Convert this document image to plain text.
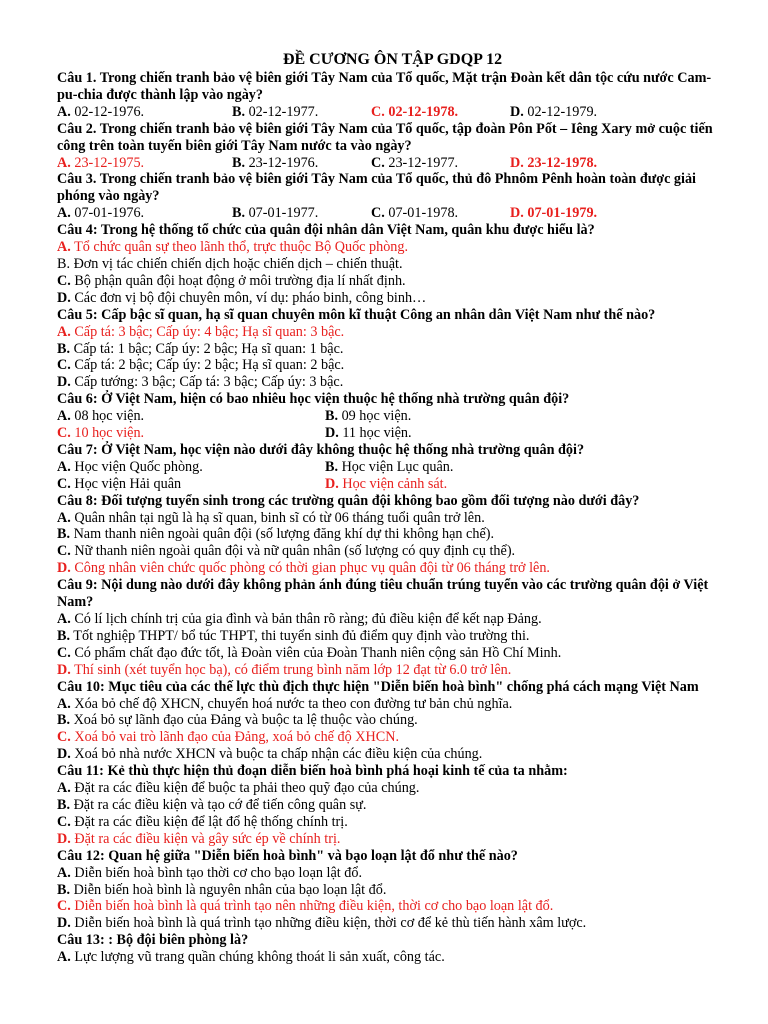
ĐỀ CƯƠNG ÔN TẬP GDQP 12

Câu 1. Trong chiến tranh bảo vệ biên giới Tây Nam của Tổ quốc, Mặt trận Đoàn kết dân tộc cứu nước Cam-pu-chia được thành lập vào ngày?

A. 02-12-1976.	B. 02-12-1977.	C. 02-12-1978.	D. 02-12-1979.

Câu 2. Trong chiến tranh bảo vệ biên giới Tây Nam của Tổ quốc, tập đoàn Pôn Pốt – Iêng Xary mở cuộc tiến công trên toàn tuyến biên giới Tây Nam nước ta vào ngày?

A. 23-12-1975.	B. 23-12-1976.	C. 23-12-1977.	D. 23-12-1978.

Câu 3. Trong chiến tranh bảo vệ biên giới Tây Nam của Tổ quốc, thủ đô Phnôm Pênh hoàn toàn được giải phóng vào ngày?

A. 07-01-1976.	B. 07-01-1977.	C. 07-01-1978.	D. 07-01-1979.

Câu 4: Trong hệ thống tổ chức của quân đội nhân dân Việt Nam, quân khu được hiểu là?

A. Tổ chức quân sự theo lãnh thổ, trực thuộc Bộ Quốc phòng.

B. Đơn vị tác chiến chiến dịch hoặc chiến dịch – chiến thuật.

C. Bộ phận quân đội hoạt động ở môi trường địa lí nhất định.

D. Các đơn vị bộ đội chuyên môn, ví dụ: pháo binh, công binh…

Câu 5: Cấp bậc sĩ quan, hạ sĩ quan chuyên môn kĩ thuật Công an nhân dân Việt Nam như thế nào?

A. Cấp tá: 3 bậc; Cấp úy: 4 bậc; Hạ sĩ quan: 3 bậc.

B. Cấp tá: 1 bậc; Cấp úy: 2 bậc; Hạ sĩ quan: 1 bậc.

C. Cấp tá: 2 bậc; Cấp úy: 2 bậc; Hạ sĩ quan: 2 bậc.

D. Cấp tướng: 3 bậc; Cấp tá: 3 bậc; Cấp úy: 3 bậc.

Câu 6: Ở Việt Nam, hiện có bao nhiêu học viện thuộc hệ thống nhà trường quân đội?

A. 08 học viện.	B. 09 học viện.
C. 10 học viện.	D. 11 học viện.

Câu 7: Ở Việt Nam, học viện nào dưới đây không thuộc hệ thống nhà trường quân đội?

A. Học viện Quốc phòng.	B. Học viện Lục quân.
C. Học viện Hải quân	D. Học viện cảnh sát.

Câu 8: Đối tượng tuyển sinh trong các trường quân đội không bao gồm đối tượng nào dưới đây?

A. Quân nhân tại ngũ là hạ sĩ quan, binh sĩ có từ 06 tháng tuổi quân trở lên.

B. Nam thanh niên ngoài quân đội (số lượng đăng khí dự thi không hạn chế).

C. Nữ thanh niên ngoài quân đội và nữ quân nhân (số lượng có quy định cụ thể).

D. Công nhân viên chức quốc phòng có thời gian phục vụ quân đội từ 06 tháng trở lên.

Câu 9: Nội dung nào dưới đây không phản ánh đúng tiêu chuẩn trúng tuyển vào các trường quân đội ở Việt Nam?

A. Có lí lịch chính trị của gia đình và bản thân rõ ràng; đủ điều kiện để kết nạp Đảng.

B. Tốt nghiệp THPT/ bổ túc THPT, thi tuyển sinh đủ điểm quy định vào trường thi.

C. Có phẩm chất đạo đức tốt, là Đoàn viên của Đoàn Thanh niên cộng sản Hồ Chí Minh.

D. Thí sinh (xét tuyển học bạ), có điểm trung bình năm lớp 12 đạt từ 6.0 trở lên.

Câu 10: Mục tiêu của các thế lực thù địch thực hiện "Diễn biến hoà bình" chống phá cách mạng Việt Nam

A. Xóa bỏ chế độ XHCN, chuyển hoá nước ta theo con đường tư bản chủ nghĩa.

B. Xoá bỏ sự lãnh đạo của Đảng và buộc ta lệ thuộc vào chúng.

C. Xoá bỏ vai trò lãnh đạo của Đảng, xoá bỏ chế độ XHCN.

D. Xoá bỏ nhà nước XHCN và buộc ta chấp nhận các điều kiện của chúng.

Câu 11: Kẻ thù thực hiện thủ đoạn diễn biến hoà bình phá hoại kinh tế của ta nhằm:

A. Đặt ra các điều kiện để buộc ta phải theo quỹ đạo của chúng.

B. Đặt ra các điều kiện và tạo cớ để tiến công quân sự.

C. Đặt ra các điều kiện để lật đổ hệ thống chính trị.

D. Đặt ra các điều kiện và gây sức ép về chính trị.

Câu 12: Quan hệ giữa "Diễn biến hoà bình" và bạo loạn lật đổ như thế nào?

A. Diễn biến hoà bình tạo thời cơ cho bạo loạn lật đổ.

B. Diễn biến hoà bình là nguyên nhân của bạo loạn lật đổ.

C. Diễn biến hoà bình là quá trình tạo nên những điều kiện, thời cơ cho bạo loạn lật đổ.

D. Diễn biến hoà bình là quá trình tạo những điều kiện, thời cơ để kẻ thù tiến hành xâm lược.

Câu 13: : Bộ đội biên phòng là?

A. Lực lượng vũ trang quần chúng không thoát li sản xuất, công tác.
